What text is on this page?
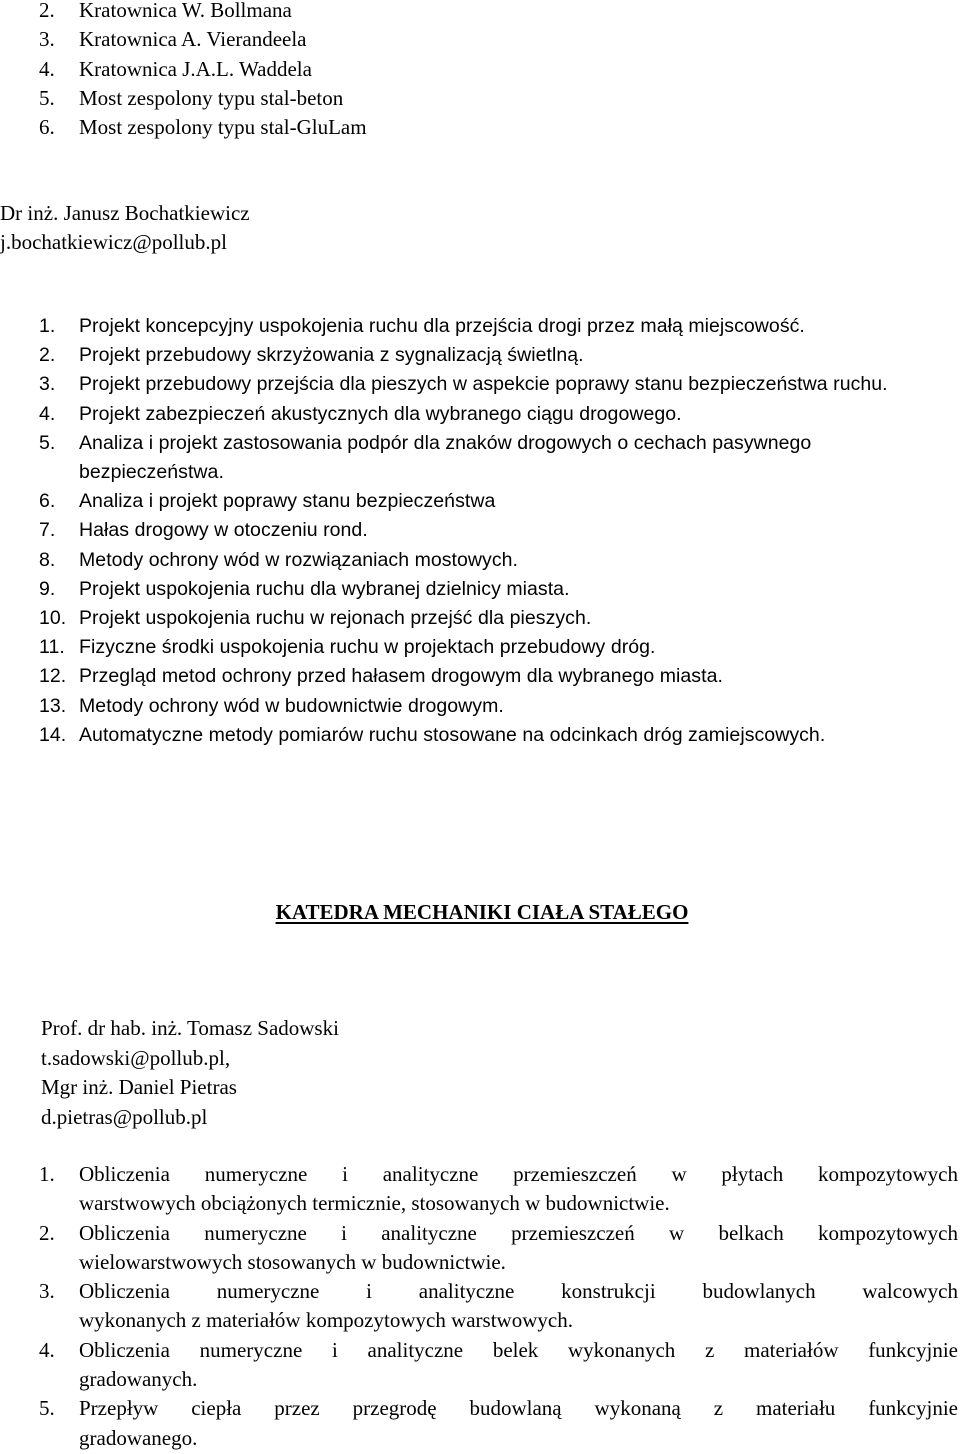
2. Kratownica W. Bollmana
3. Kratownica A. Vierandeela
4. Kratownica J.A.L. Waddela
5. Most zespolony typu stal-beton
6. Most zespolony typu stal-GluLam
Dr inż. Janusz Bochatkiewicz
j.bochatkiewicz@pollub.pl
1.	Projekt koncepcyjny uspokojenia ruchu dla przejścia drogi przez małą miejscowość.
2.	Projekt przebudowy skrzyżowania z sygnalizacją świetlną.
3.	Projekt przebudowy przejścia dla pieszych w aspekcie poprawy stanu bezpieczeństwa ruchu.
4.	Projekt zabezpieczeń akustycznych dla wybranego ciągu drogowego.
5.	Analiza i projekt zastosowania podpór dla znaków drogowych o cechach pasywnego bezpieczeństwa.
6.	Analiza i projekt poprawy stanu bezpieczeństwa
7.	Hałas drogowy w otoczeniu rond.
8.	Metody ochrony wód w rozwiązaniach mostowych.
9.	Projekt uspokojenia ruchu dla wybranej dzielnicy miasta.
10. Projekt uspokojenia ruchu w rejonach przejść dla pieszych.
11. Fizyczne środki uspokojenia ruchu w projektach przebudowy dróg.
12. Przegląd metod ochrony przed hałasem drogowym dla wybranego miasta.
13. Metody ochrony wód w budownictwie drogowym.
14. Automatyczne metody pomiarów ruchu stosowane na odcinkach dróg zamiejscowych.
KATEDRA MECHANIKI CIAŁA STAŁEGO
Prof. dr hab. inż. Tomasz Sadowski
t.sadowski@pollub.pl,
Mgr inż. Daniel Pietras
d.pietras@pollub.pl
1.	Obliczenia numeryczne i analityczne przemieszczeń w płytach kompozytowych
warstwowych obciążonych termicznie, stosowanych w budownictwie.
2.	Obliczenia numeryczne i analityczne przemieszczeń w belkach kompozytowych
wielowarstwowych stosowanych w budownictwie.
3.	Obliczenia numeryczne i analityczne konstrukcji budowlanych walcowych
wykonanych z materiałów kompozytowych warstwowych.
4.	Obliczenia numeryczne i analityczne belek wykonanych z materiałów funkcyjnie
gradowanych.
5.	Przepływ ciepła przez przegrodę budowlaną wykonaną z materiału funkcyjnie
gradowanego.
